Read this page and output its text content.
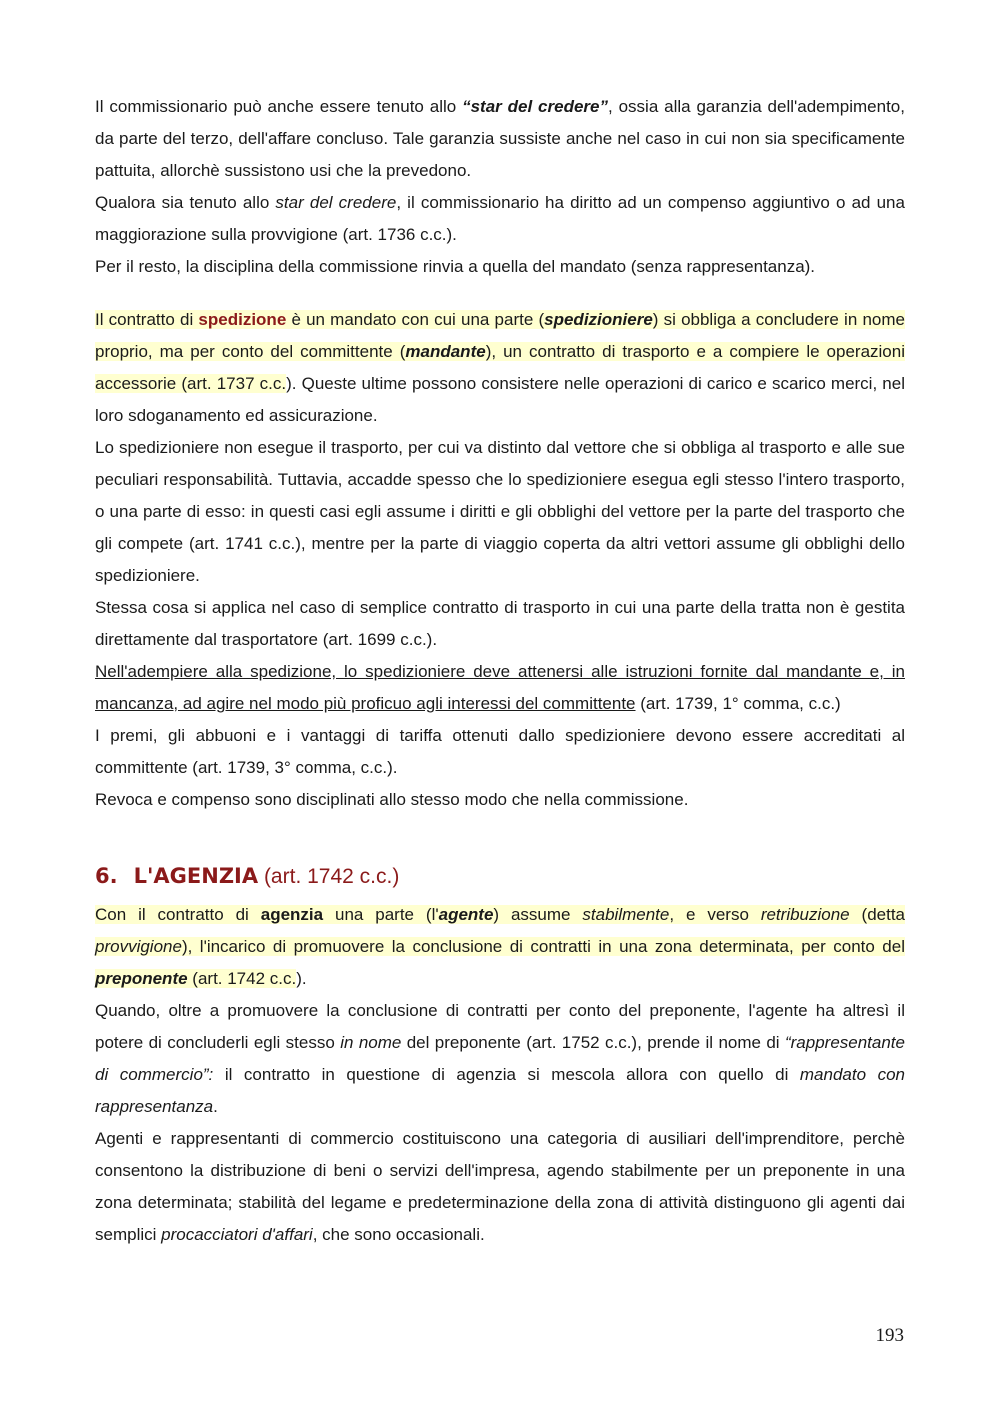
Il commissionario può anche essere tenuto allo “star del credere”, ossia alla garanzia dell'adempimento, da parte del terzo, dell'affare concluso. Tale garanzia sussiste anche nel caso in cui non sia specificamente pattuita, allorchè sussistono usi che la prevedono.

Qualora sia tenuto allo star del credere, il commissionario ha diritto ad un compenso aggiuntivo o ad una maggiorazione sulla provvigione (art. 1736 c.c.).

Per il resto, la disciplina della commissione rinvia a quella del mandato (senza rappresentanza).

Il contratto di spedizione è un mandato con cui una parte (spedizioniere) si obbliga a concludere in nome proprio, ma per conto del committente (mandante), un contratto di trasporto e a compiere le operazioni accessorie (art. 1737 c.c.). Queste ultime possono consistere nelle operazioni di carico e scarico merci, nel loro sdoganamento ed assicurazione.

Lo spedizioniere non esegue il trasporto, per cui va distinto dal vettore che si obbliga al trasporto e alle sue peculiari responsabilità. Tuttavia, accadde spesso che lo spedizioniere esegua egli stesso l'intero trasporto, o una parte di esso: in questi casi egli assume i diritti e gli obblighi del vettore per la parte del trasporto che gli compete (art. 1741 c.c.), mentre per la parte di viaggio coperta da altri vettori assume gli obblighi dello spedizioniere.

Stessa cosa si applica nel caso di semplice contratto di trasporto in cui una parte della tratta non è gestita direttamente dal trasportatore (art. 1699 c.c.).

Nell'adempiere alla spedizione, lo spedizioniere deve attenersi alle istruzioni fornite dal mandante e, in mancanza, ad agire nel modo più proficuo agli interessi del committente (art. 1739, 1° comma, c.c.)

I premi, gli abbuoni e i vantaggi di tariffa ottenuti dallo spedizioniere devono essere accreditati al committente (art. 1739, 3° comma, c.c.).

Revoca e compenso sono disciplinati allo stesso modo che nella commissione.

6. L'AGENZIA (art. 1742 c.c.)

Con il contratto di agenzia una parte (l'agente) assume stabilmente, e verso retribuzione (detta provvigione), l'incarico di promuovere la conclusione di contratti in una zona determinata, per conto del preponente (art. 1742 c.c.).

Quando, oltre a promuovere la conclusione di contratti per conto del preponente, l'agente ha altresì il potere di concluderli egli stesso in nome del preponente (art. 1752 c.c.), prende il nome di “rappresentante di commercio”: il contratto in questione di agenzia si mescola allora con quello di mandato con rappresentanza.

Agenti e rappresentanti di commercio costituiscono una categoria di ausiliari dell'imprenditore, perchè consentono la distribuzione di beni o servizi dell'impresa, agendo stabilmente per un preponente in una zona determinata; stabilità del legame e predeterminazione della zona di attività distinguono gli agenti dai semplici procacciatori d'affari, che sono occasionali.

193
